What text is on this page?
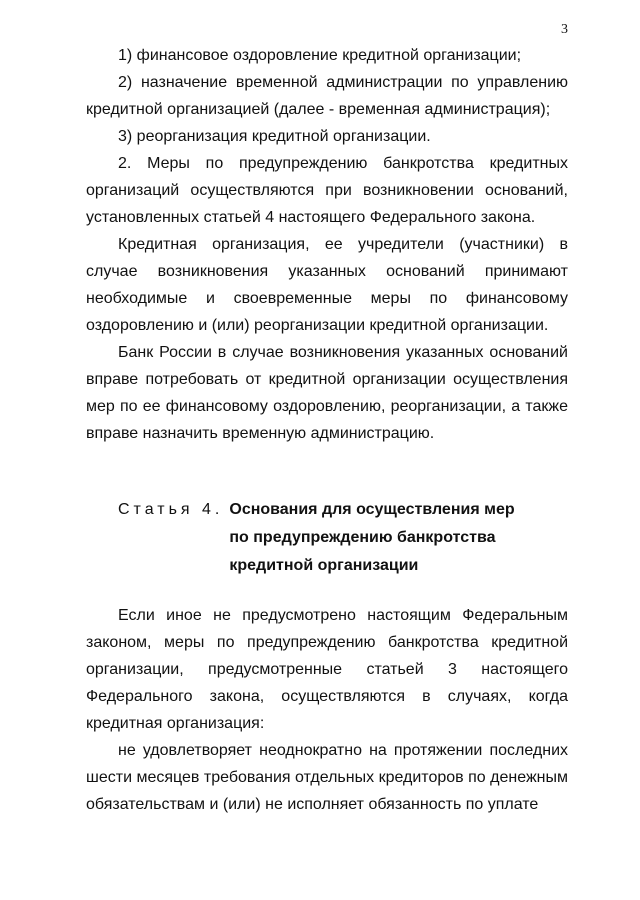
3

1) финансовое оздоровление кредитной организации;

2) назначение временной администрации по управлению кредитной организацией (далее - временная администрация);

3) реорганизация кредитной организации.

2. Меры по предупреждению банкротства кредитных организаций осуществляются при возникновении оснований, установленных статьей 4 настоящего Федерального закона.

Кредитная организация, ее учредители (участники) в случае возникновения указанных оснований принимают необходимые и своевременные меры по финансовому оздоровлению и (или) реорганизации кредитной организации.

Банк России в случае возникновения указанных оснований вправе потребовать от кредитной организации осуществления мер по ее финансовому оздоровлению, реорганизации, а также вправе назначить временную администрацию.

Статья 4. Основания для осуществления мер по предупреждению банкротства кредитной организации

Если иное не предусмотрено настоящим Федеральным законом, меры по предупреждению банкротства кредитной организации, предусмотренные статьей 3 настоящего Федерального закона, осуществляются в случаях, когда кредитная организация:

не удовлетворяет неоднократно на протяжении последних шести месяцев требования отдельных кредиторов по денежным обязательствам и (или) не исполняет обязанность по уплате
